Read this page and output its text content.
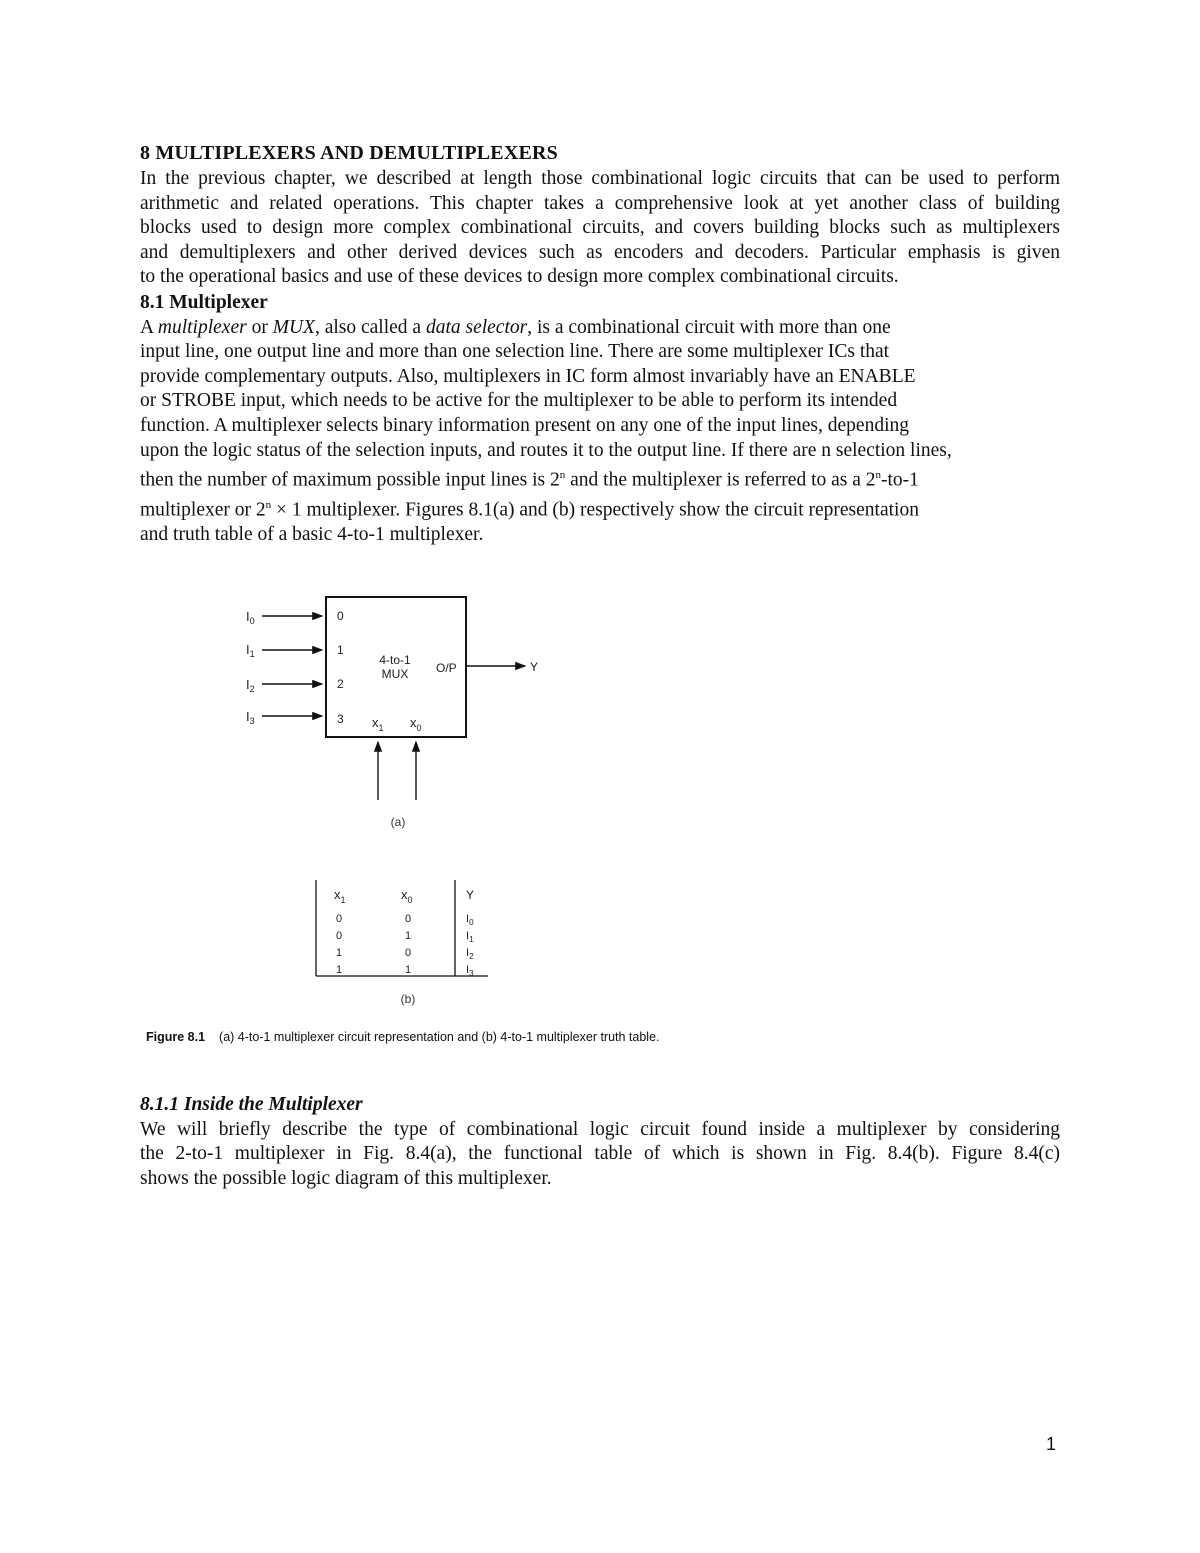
8 MULTIPLEXERS AND DEMULTIPLEXERS
In the previous chapter, we described at length those combinational logic circuits that can be used to perform
arithmetic and related operations. This chapter takes a comprehensive look at yet another class of building
blocks used to design more complex combinational circuits, and covers building blocks such as multiplexers
and demultiplexers and other derived devices such as encoders and decoders. Particular emphasis is given
to the operational basics and use of these devices to design more complex combinational circuits.
8.1 Multiplexer
A multiplexer or MUX, also called a data selector, is a combinational circuit with more than one
input line, one output line and more than one selection line. There are some multiplexer ICs that
provide complementary outputs. Also, multiplexers in IC form almost invariably have an ENABLE
or STROBE input, which needs to be active for the multiplexer to be able to perform its intended
function. A multiplexer selects binary information present on any one of the input lines, depending
upon the logic status of the selection inputs, and routes it to the output line. If there are n selection lines,
then the number of maximum possible input lines is 2$^n$ and the multiplexer is referred to as a 2$^n$-to-1
multiplexer or $2^n \times 1$ multiplexer. Figures 8.1(a) and (b) respectively show the circuit representation
and truth table of a basic 4-to-1 multiplexer.
$I_0$
$I_1$
$I_2$
$I_3$
0
1
2
3
4-to-1
MUX O/P	Y
$x_1$ $x_0$
(a)
$x_1$	$x_0$	Y
0	0	$I_0$
0	1	$I_1$
1	0	$I_2$
1	1	$I_3$
(b)
Figure 8.1 (a) 4-to-1 multiplexer circuit representation and (b) 4-to-1 multiplexer truth table.
8.1.1 Inside the Multiplexer
We will briefly describe the type of combinational logic circuit found inside a multiplexer by considering
the 2-to-1 multiplexer in Fig. 8.4(a), the functional table of which is shown in Fig. 8.4(b). Figure 8.4(c)
shows the possible logic diagram of this multiplexer.
1
